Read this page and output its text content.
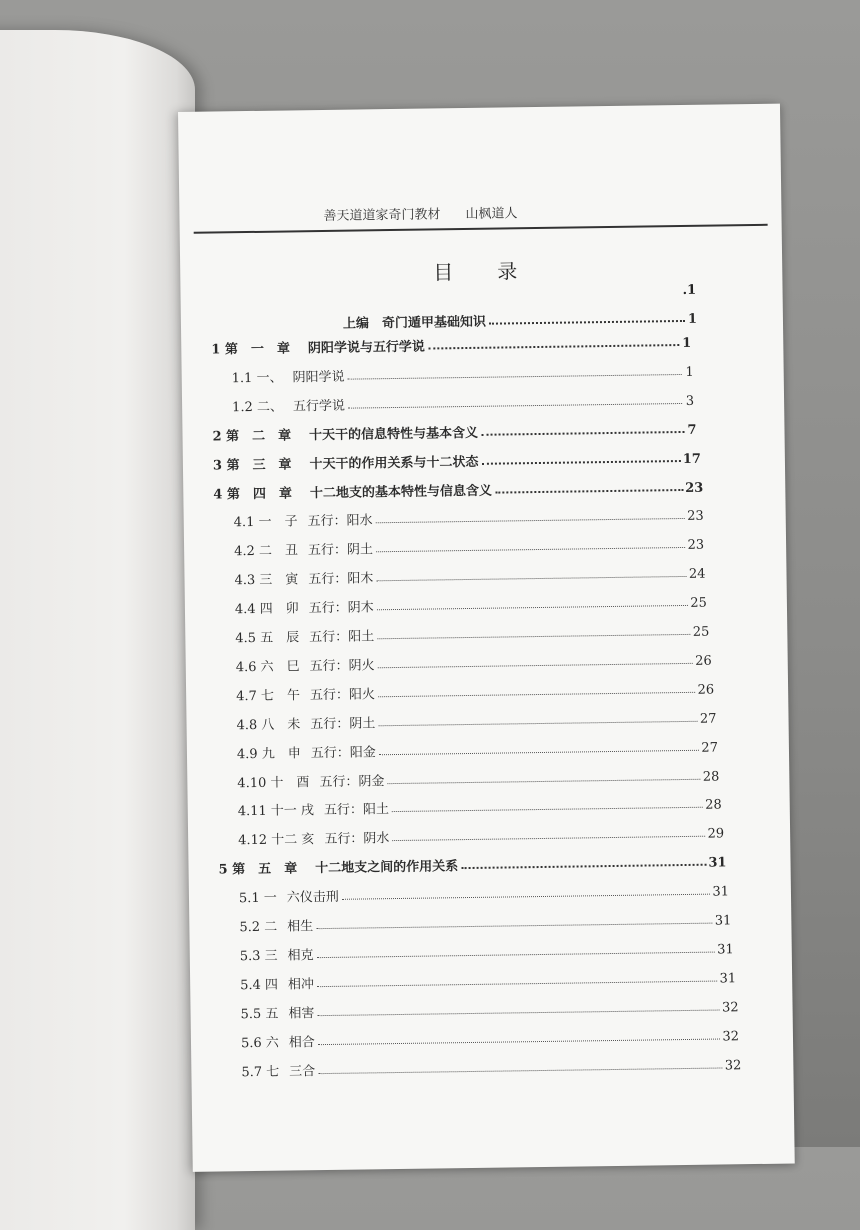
善天道道家奇门教材 山枫道人
目　录
.1
上编　奇门遁甲基础知识	1
1 第　一　章 阴阳学说与五行学说	1
1.1 一、 阴阳学说	1
1.2 二、 五行学说	3
2 第　二　章 十天干的信息特性与基本含义	7
3 第　三　章 十天干的作用关系与十二状态	17
4 第　四　章 十二地支的基本特性与信息含义	23
4.1 一　子 五行：阳水	23
4.2 二　丑 五行：阴土	23
4.3 三　寅 五行：阳木	24
4.4 四　卯 五行：阴木	25
4.5 五　辰 五行：阳土	25
4.6 六　巳 五行：阴火	26
4.7 七　午 五行：阳火	26
4.8 八　未 五行：阴土	27
4.9 九　申 五行：阳金	27
4.10 十　酉 五行：阴金	28
4.11 十一 戌 五行：阳土	28
4.12 十二 亥 五行：阴水	29
5 第　五　章 十二地支之间的作用关系	31
5.1 一 六仪击刑	31
5.2 二 相生	31
5.3 三 相克	31
5.4 四 相冲	31
5.5 五 相害	32
5.6 六 相合	32
5.7 七 三合	32
